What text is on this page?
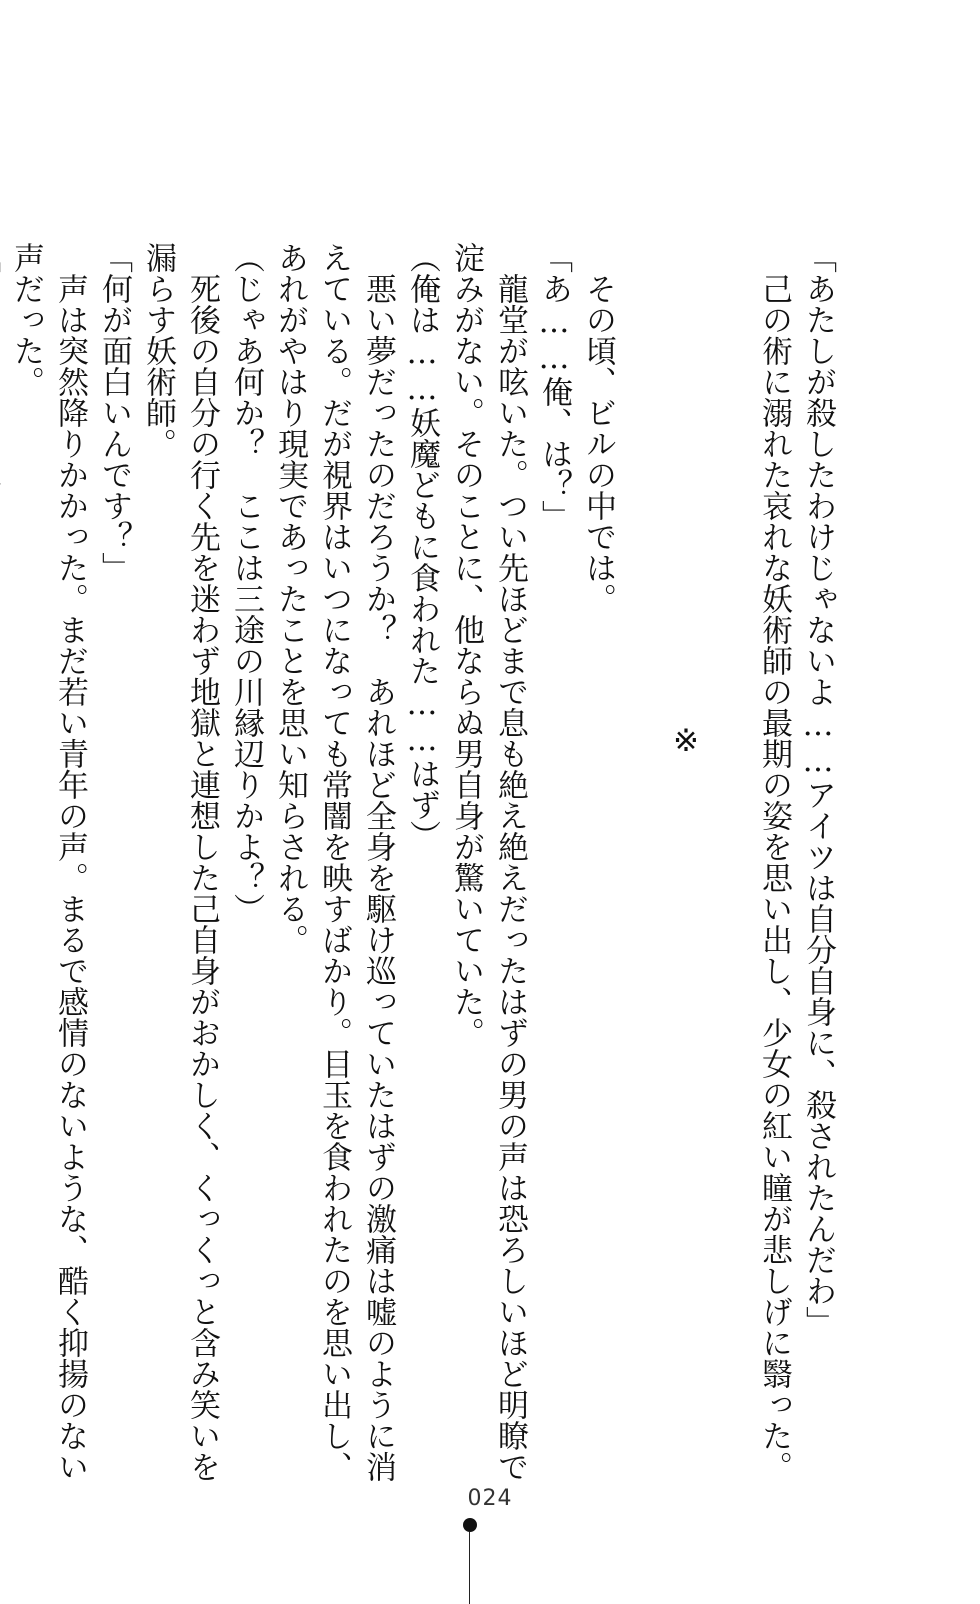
「あたしが殺したわけじゃないよ……アイツは自分自身に、殺されたんだわ」
己の術に溺れた哀れな妖術師の最期の姿を思い出し、少女の紅い瞳が悲しげに翳った。
※
その頃、ビルの中では。
「あ……俺、は？」
龍堂が呟いた。つい先ほどまで息も絶え絶えだったはずの男の声は恐ろしいほど明瞭で
淀みがない。そのことに、他ならぬ男自身が驚いていた。
（俺は……妖魔どもに食われた……はず）
悪い夢だったのだろうか？　あれほど全身を駆け巡っていたはずの激痛は嘘のように消
えている。だが視界はいつになっても常闇を映すばかり。目玉を食われたのを思い出し、
あれがやはり現実であったことを思い知らされる。
（じゃあ何か？　ここは三途の川縁辺りかよ？）
死後の自分の行く先を迷わず地獄と連想した己自身がおかしく、くっくっと含み笑いを
漏らす妖術師。
「何が面白いんです？」
声は突然降りかかった。まだ若い青年の声。まるで感情のないような、酷く抑揚のない
声だった。
024
